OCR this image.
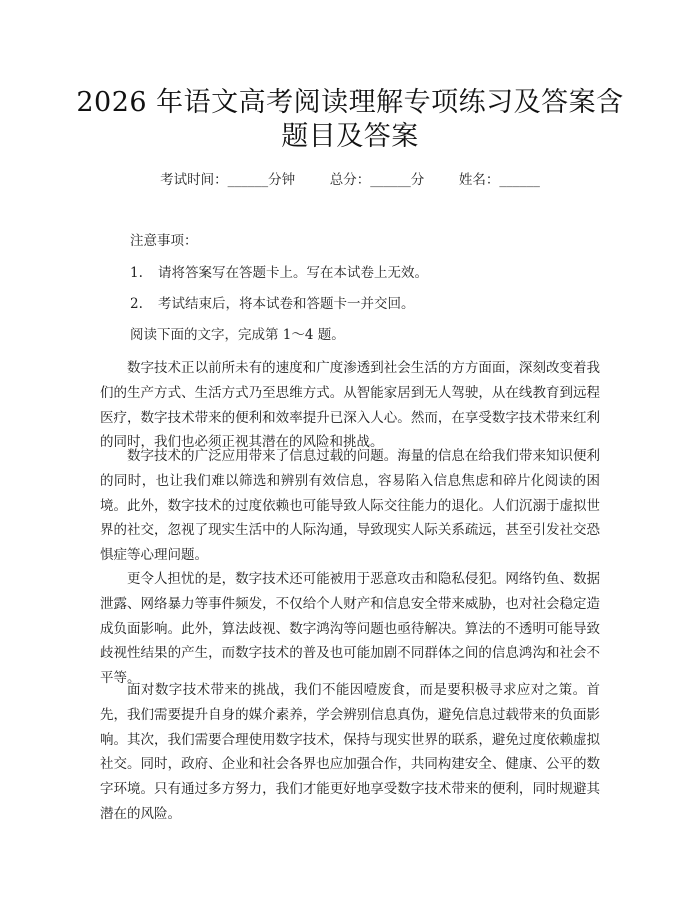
2026 年语文高考阅读理解专项练习及答案含
题目及答案
考试时间：______分钟	总分：______分	姓名：______
注意事项：
1. 请将答案写在答题卡上。写在本试卷上无效。
2. 考试结束后，将本试卷和答题卡一并交回。
阅读下面的文字，完成第 1～4 题。

数字技术正以前所未有的速度和广度渗透到社会生活的方方面面，深刻改变着我们的生产方式、生活方式乃至思维方式。从智能家居到无人驾驶，从在线教育到远程医疗，数字技术带来的便利和效率提升已深入人心。然而，在享受数字技术带来红利的同时，我们也必须正视其潜在的风险和挑战。

数字技术的广泛应用带来了信息过载的问题。海量的信息在给我们带来知识便利的同时，也让我们难以筛选和辨别有效信息，容易陷入信息焦虑和碎片化阅读的困境。此外，数字技术的过度依赖也可能导致人际交往能力的退化。人们沉溺于虚拟世界的社交，忽视了现实生活中的人际沟通，导致现实人际关系疏远，甚至引发社交恐惧症等心理问题。

更令人担忧的是，数字技术还可能被用于恶意攻击和隐私侵犯。网络钓鱼、数据泄露、网络暴力等事件频发，不仅给个人财产和信息安全带来威胁，也对社会稳定造成负面影响。此外，算法歧视、数字鸿沟等问题也亟待解决。算法的不透明可能导致歧视性结果的产生，而数字技术的普及也可能加剧不同群体之间的信息鸿沟和社会不平等。

面对数字技术带来的挑战，我们不能因噎废食，而是要积极寻求应对之策。首先，我们需要提升自身的媒介素养，学会辨别信息真伪，避免信息过载带来的负面影响。其次，我们需要合理使用数字技术，保持与现实世界的联系，避免过度依赖虚拟社交。同时，政府、企业和社会各界也应加强合作，共同构建安全、健康、公平的数字环境。只有通过多方努力，我们才能更好地享受数字技术带来的便利，同时规避其潜在的风险。
